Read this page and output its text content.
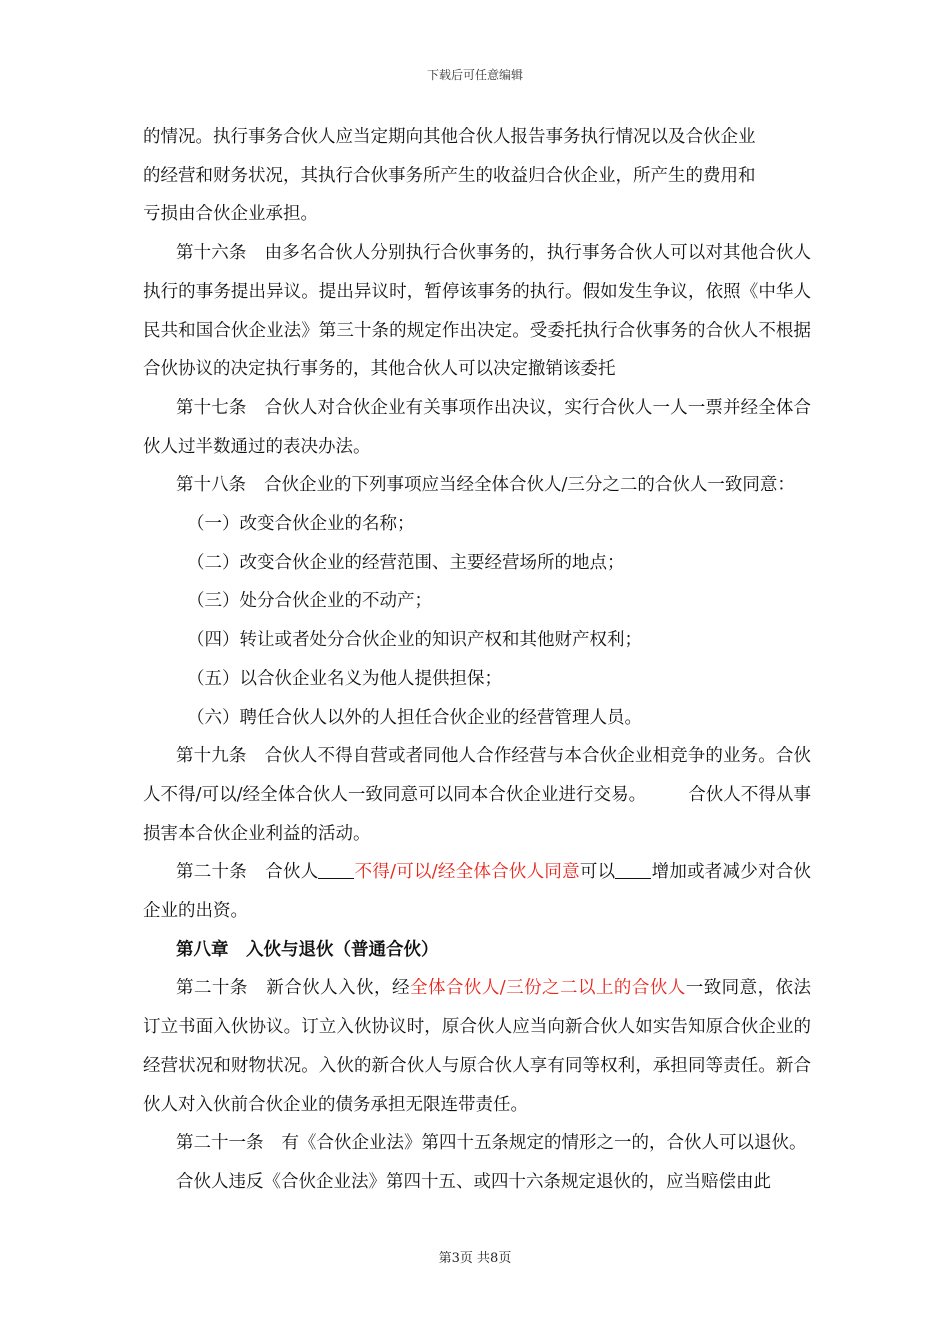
下载后可任意编辑

的情况。执行事务合伙人应当定期向其他合伙人报告事务执行情况以及合伙企业

的经营和财务状况，其执行合伙事务所产生的收益归合伙企业，所产生的费用和

亏损由合伙企业承担。

第十六条 由多名合伙人分别执行合伙事务的，执行事务合伙人可以对其他合伙人执行的事务提出异议。提出异议时，暂停该事务的执行。假如发生争议，依照《中华人民共和国合伙企业法》第三十条的规定作出决定。受委托执行合伙事务的合伙人不根据合伙协议的决定执行事务的，其他合伙人可以决定撤销该委托

第十七条 合伙人对合伙企业有关事项作出决议，实行合伙人一人一票并经全体合伙人过半数通过的表决办法。

第十八条 合伙企业的下列事项应当经全体合伙人/三分之二的合伙人一致同意：

（一）改变合伙企业的名称；

（二）改变合伙企业的经营范围、主要经营场所的地点；

（三）处分合伙企业的不动产；

（四）转让或者处分合伙企业的知识产权和其他财产权利；

（五）以合伙企业名义为他人提供担保；

（六）聘任合伙人以外的人担任合伙企业的经营管理人员。

第十九条 合伙人不得自营或者同他人合作经营与本合伙企业相竞争的业务。合伙人不得/可以/经全体合伙人一致同意可以同本合伙企业进行交易。 合伙人不得从事损害本合伙企业利益的活动。

第二十条 合伙人 不得/可以/经全体合伙人同意可以 增加或者减少对合伙企业的出资。

第八章　入伙与退伙（普通合伙）

第二十条 新合伙人入伙，经全体合伙人/三份之二以上的合伙人一致同意，依法订立书面入伙协议。订立入伙协议时，原合伙人应当向新合伙人如实告知原合伙企业的经营状况和财物状况。入伙的新合伙人与原合伙人享有同等权利，承担同等责任。新合伙人对入伙前合伙企业的债务承担无限连带责任。

第二十一条 有《合伙企业法》第四十五条规定的情形之一的，合伙人可以退伙。

合伙人违反《合伙企业法》第四十五、或四十六条规定退伙的，应当赔偿由此

第3页 共8页
